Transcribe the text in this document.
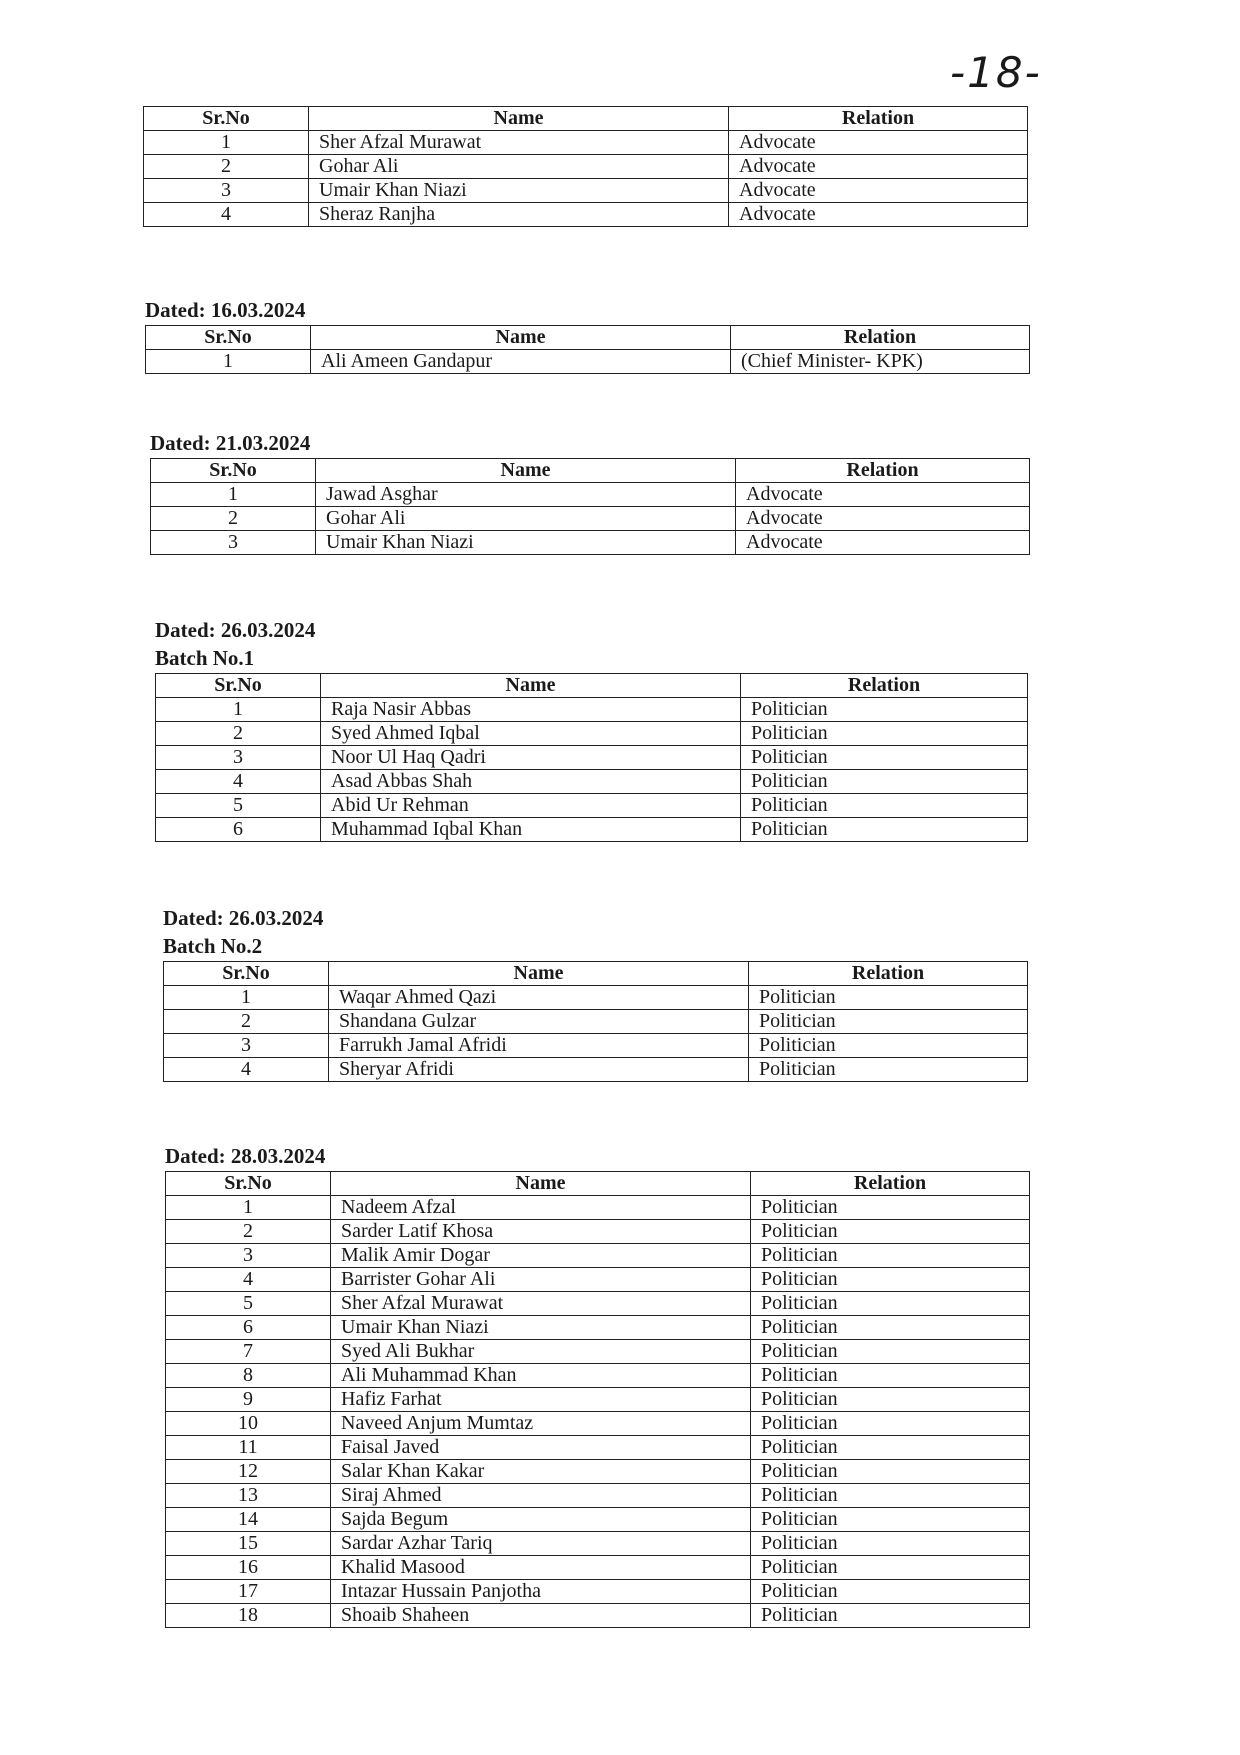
-18-
Sr.No	Name	Relation
1	Sher Afzal Murawat	Advocate
2	Gohar Ali	Advocate
3	Umair Khan Niazi	Advocate
4	Sheraz Ranjha	Advocate
Dated: 16.03.2024
Sr.No	Name	Relation
1	Ali Ameen Gandapur	(Chief Minister- KPK)
Dated: 21.03.2024
Sr.No	Name	Relation
1	Jawad Asghar	Advocate
2	Gohar Ali	Advocate
3	Umair Khan Niazi	Advocate
Dated: 26.03.2024
Batch No.1
Sr.No	Name	Relation
1	Raja Nasir Abbas	Politician
2	Syed Ahmed Iqbal	Politician
3	Noor Ul Haq Qadri	Politician
4	Asad Abbas Shah	Politician
5	Abid Ur Rehman	Politician
6	Muhammad Iqbal Khan	Politician
Dated: 26.03.2024
Batch No.2
Sr.No	Name	Relation
1	Waqar Ahmed Qazi	Politician
2	Shandana Gulzar	Politician
3	Farrukh Jamal Afridi	Politician
4	Sheryar Afridi	Politician
Dated: 28.03.2024
Sr.No	Name	Relation
1	Nadeem Afzal	Politician
2	Sarder Latif Khosa	Politician
3	Malik Amir Dogar	Politician
4	Barrister Gohar Ali	Politician
5	Sher Afzal Murawat	Politician
6	Umair Khan Niazi	Politician
7	Syed Ali Bukhar	Politician
8	Ali Muhammad Khan	Politician
9	Hafiz Farhat	Politician
10	Naveed Anjum Mumtaz	Politician
11	Faisal Javed	Politician
12	Salar Khan Kakar	Politician
13	Siraj Ahmed	Politician
14	Sajda Begum	Politician
15	Sardar Azhar Tariq	Politician
16	Khalid Masood	Politician
17	Intazar Hussain Panjotha	Politician
18	Shoaib Shaheen	Politician
